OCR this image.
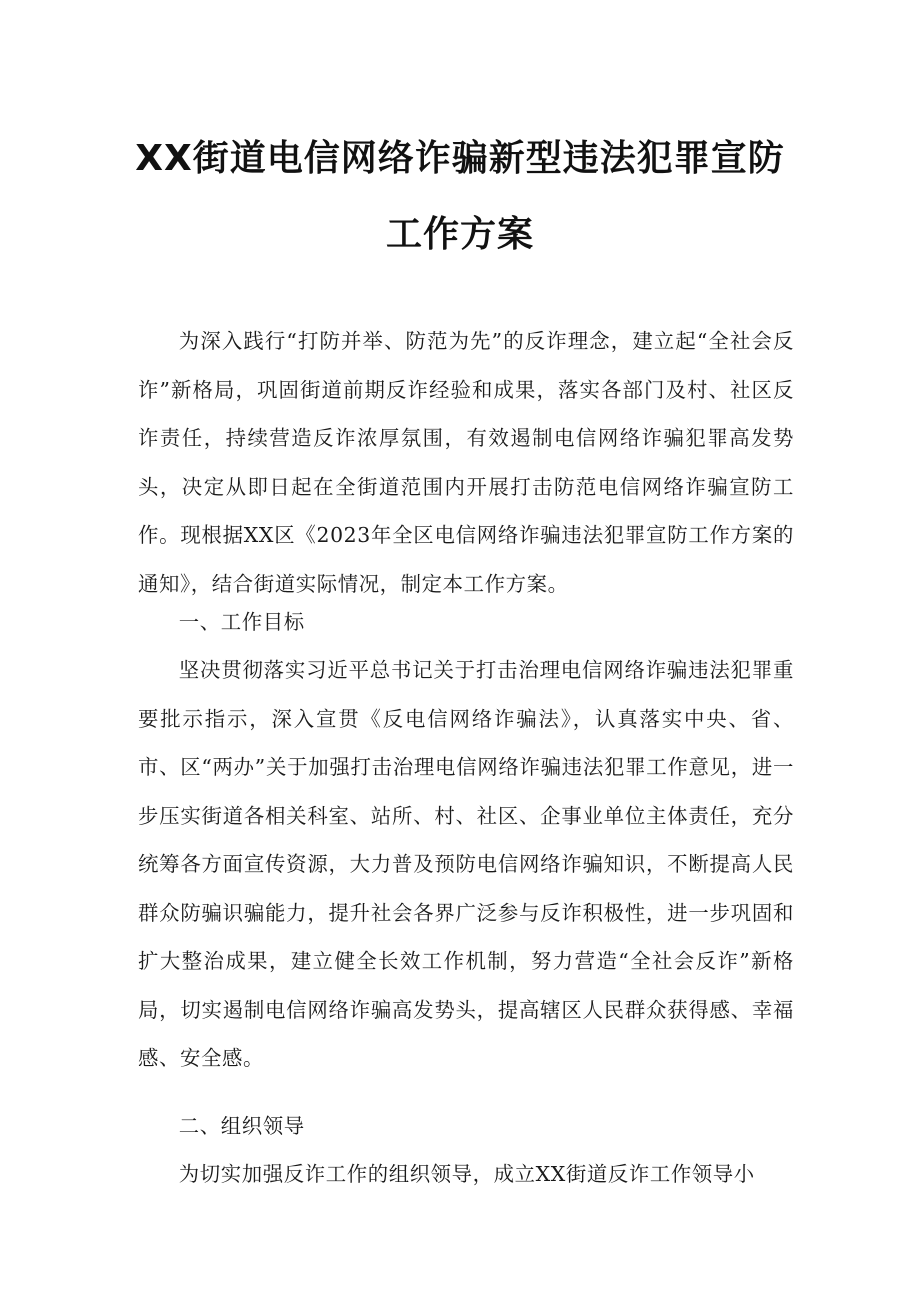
XX街道电信网络诈骗新型违法犯罪宣防
工作方案

为深入践行“打防并举、防范为先”的反诈理念，建立起“全社会反诈”新格局，巩固街道前期反诈经验和成果，落实各部门及村、社区反诈责任，持续营造反诈浓厚氛围，有效遏制电信网络诈骗犯罪高发势头，决定从即日起在全街道范围内开展打击防范电信网络诈骗宣防工作。现根据XX区《2023年全区电信网络诈骗违法犯罪宣防工作方案的通知》，结合街道实际情况，制定本工作方案。

一、工作目标

坚决贯彻落实习近平总书记关于打击治理电信网络诈骗违法犯罪重要批示指示，深入宣贯《反电信网络诈骗法》，认真落实中央、省、市、区“两办”关于加强打击治理电信网络诈骗违法犯罪工作意见，进一步压实街道各相关科室、站所、村、社区、企事业单位主体责任，充分统筹各方面宣传资源，大力普及预防电信网络诈骗知识，不断提高人民群众防骗识骗能力，提升社会各界广泛参与反诈积极性，进一步巩固和扩大整治成果，建立健全长效工作机制，努力营造“全社会反诈”新格局，切实遏制电信网络诈骗高发势头，提高辖区人民群众获得感、幸福感、安全感。

二、组织领导

为切实加强反诈工作的组织领导，成立XX街道反诈工作领导小
